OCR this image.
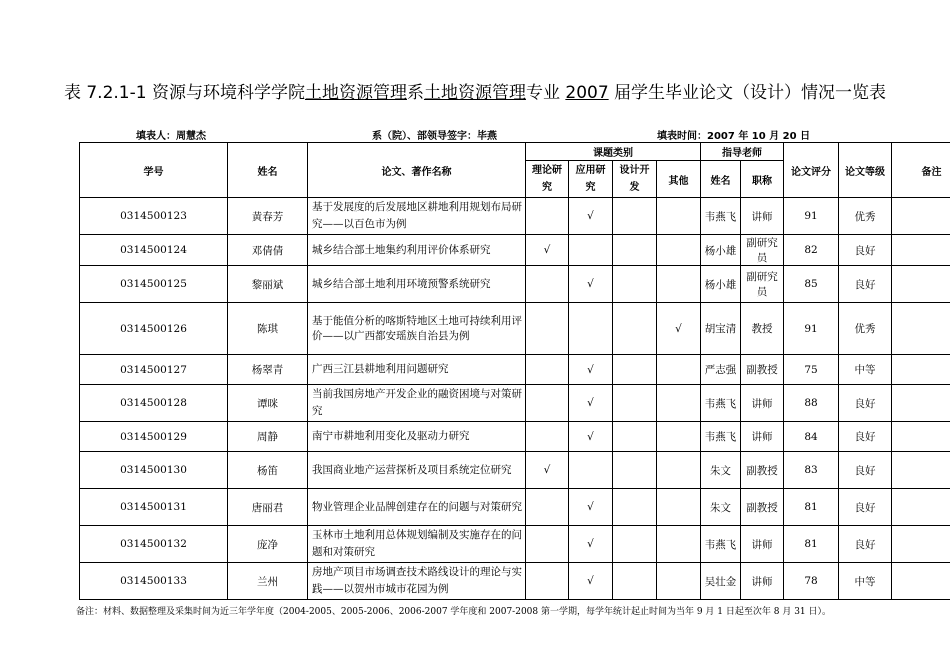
表 7.2.1-1 资源与环境科学学院土地资源管理系土地资源管理专业 2007 届学生毕业论文（设计）情况一览表
填表人：周慧杰	系（院）、部领导签字：毕燕	填表时间：2007 年 10 月 20 日
学号	姓名	论文、著作名称	课题类别				指导老师		论文评分	论文等级	备注
			理论研究	应用研究	设计开发	其他	姓名	职称			
0314500123	黄春芳	基于发展度的后发展地区耕地利用规划布局研究——以百色市为例		√			韦燕飞	讲师	91	优秀	
0314500124	邓倩倩	城乡结合部土地集约利用评价体系研究	√				杨小雄	副研究员	82	良好	
0314500125	黎丽斌	城乡结合部土地利用环境预警系统研究		√			杨小雄	副研究员	85	良好	
0314500126	陈琪	基于能值分析的喀斯特地区土地可持续利用评价——以广西都安瑶族自治县为例				√	胡宝清	教授	91	优秀	
0314500127	杨翠青	广西三江县耕地利用问题研究		√			严志强	副教授	75	中等	
0314500128	谭咪	当前我国房地产开发企业的融资困境与对策研究		√			韦燕飞	讲师	88	良好	
0314500129	周静	南宁市耕地利用变化及驱动力研究		√			韦燕飞	讲师	84	良好	
0314500130	杨笛	我国商业地产运营探析及项目系统定位研究	√				朱文	副教授	83	良好	
0314500131	唐丽君	物业管理企业品牌创建存在的问题与对策研究		√			朱文	副教授	81	良好	
0314500132	庞净	玉林市土地利用总体规划编制及实施存在的问题和对策研究		√			韦燕飞	讲师	81	良好	
0314500133	兰州	房地产项目市场调查技术路线设计的理论与实践——以贺州市城市花园为例		√			吴壮金	讲师	78	中等	
备注：材料、数据整理及采集时间为近三年学年度（2004-2005、2005-2006、2006-2007 学年度和 2007-2008 第一学期，每学年统计起止时间为当年 9 月 1 日起至次年 8 月 31 日）。
